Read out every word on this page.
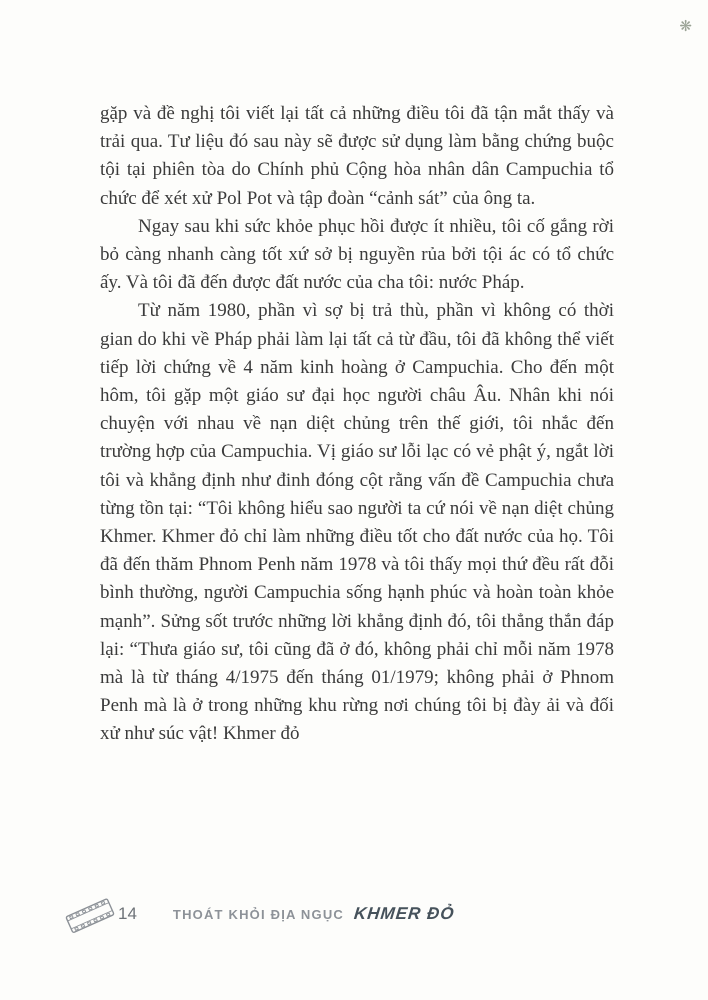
❋

gặp và đề nghị tôi viết lại tất cả những điều tôi đã tận mắt thấy và trải qua. Tư liệu đó sau này sẽ được sử dụng làm bằng chứng buộc tội tại phiên tòa do Chính phủ Cộng hòa nhân dân Campuchia tổ chức để xét xử Pol Pot và tập đoàn “cảnh sát” của ông ta.

Ngay sau khi sức khỏe phục hồi được ít nhiều, tôi cố gắng rời bỏ càng nhanh càng tốt xứ sở bị nguyền rủa bởi tội ác có tổ chức ấy. Và tôi đã đến được đất nước của cha tôi: nước Pháp.

Từ năm 1980, phần vì sợ bị trả thù, phần vì không có thời gian do khi về Pháp phải làm lại tất cả từ đầu, tôi đã không thể viết tiếp lời chứng về 4 năm kinh hoàng ở Campuchia. Cho đến một hôm, tôi gặp một giáo sư đại học người châu Âu. Nhân khi nói chuyện với nhau về nạn diệt chủng trên thế giới, tôi nhắc đến trường hợp của Campuchia. Vị giáo sư lỗi lạc có vẻ phật ý, ngắt lời tôi và khẳng định như đinh đóng cột rằng vấn đề Campuchia chưa từng tồn tại: “Tôi không hiểu sao người ta cứ nói về nạn diệt chủng Khmer. Khmer đỏ chỉ làm những điều tốt cho đất nước của họ. Tôi đã đến thăm Phnom Penh năm 1978 và tôi thấy mọi thứ đều rất đỗi bình thường, người Campuchia sống hạnh phúc và hoàn toàn khỏe mạnh”. Sửng sốt trước những lời khẳng định đó, tôi thẳng thắn đáp lại: “Thưa giáo sư, tôi cũng đã ở đó, không phải chỉ mỗi năm 1978 mà là từ tháng 4/1975 đến tháng 01/1979; không phải ở Phnom Penh mà là ở trong những khu rừng nơi chúng tôi bị đày ải và đối xử như súc vật! Khmer đỏ

14	THOÁT KHỎI ĐỊA NGỤC KHMER ĐỎ
